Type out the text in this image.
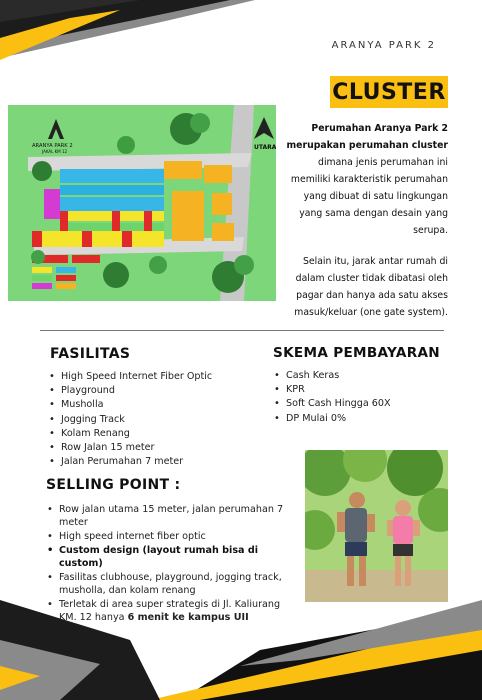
ARANYA PARK 2
CLUSTER

Perumahan Aranya Park 2 merupakan perumahan cluster dimana jenis perumahan ini memiliki karakteristik perumahan yang dibuat di satu lingkungan yang sama dengan desain yang serupa.

Selain itu, jarak antar rumah di dalam cluster tidak dibatasi oleh pagar dan hanya ada satu akses masuk/keluar (one gate system).

ARANYA PARK 2
JAKAL KM 12
UTARA
FASILITAS
• High Speed Internet Fiber Optic
• Playground
• Musholla
• Jogging Track
• Kolam Renang
• Row Jalan 15 meter
• Jalan Perumahan 7 meter
SKEMA PEMBAYARAN
• Cash Keras
• KPR
• Soft Cash Hingga 60X
• DP Mulai 0%
SELLING POINT :
• Row jalan utama 15 meter, jalan perumahan 7 meter
• High speed internet fiber optic
• Custom design (layout rumah bisa di custom)
• Fasilitas clubhouse, playground, jogging track, musholla, dan kolam renang
• Terletak di area super strategis di Jl. Kaliurang KM. 12 hanya 6 menit ke kampus UII
